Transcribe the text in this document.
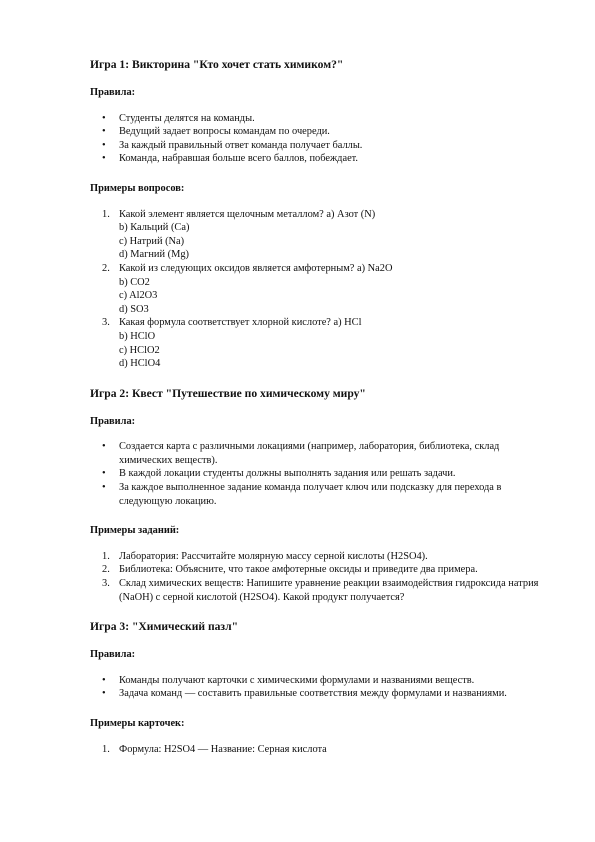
Игра 1: Викторина "Кто хочет стать химиком?"
Правила:
• Студенты делятся на команды.
• Ведущий задает вопросы командам по очереди.
• За каждый правильный ответ команда получает баллы.
• Команда, набравшая больше всего баллов, побеждает.
Примеры вопросов:
1. Какой элемент является щелочным металлом? a) Азот (N)
b) Кальций (Ca)
c) Натрий (Na)
d) Магний (Mg)
2. Какой из следующих оксидов является амфотерным? a) Na2O
b) CO2
c) Al2O3
d) SO3
3. Какая формула соответствует хлорной кислоте? a) HCl
b) HClO
c) HClO2
d) HClO4
Игра 2: Квест "Путешествие по химическому миру"
Правила:
• Создается карта с различными локациями (например, лаборатория, библиотека, склад химических веществ).
• В каждой локации студенты должны выполнять задания или решать задачи.
• За каждое выполненное задание команда получает ключ или подсказку для перехода в следующую локацию.
Примеры заданий:
1. Лаборатория: Рассчитайте молярную массу серной кислоты (H2SO4).
2. Библиотека: Объясните, что такое амфотерные оксиды и приведите два примера.
3. Склад химических веществ: Напишите уравнение реакции взаимодействия гидроксида натрия (NaOH) с серной кислотой (H2SO4). Какой продукт получается?
Игра 3: "Химический пазл"
Правила:
• Команды получают карточки с химическими формулами и названиями веществ.
• Задача команд — составить правильные соответствия между формулами и названиями.
Примеры карточек:
1. Формула: H2SO4 — Название: Серная кислота
